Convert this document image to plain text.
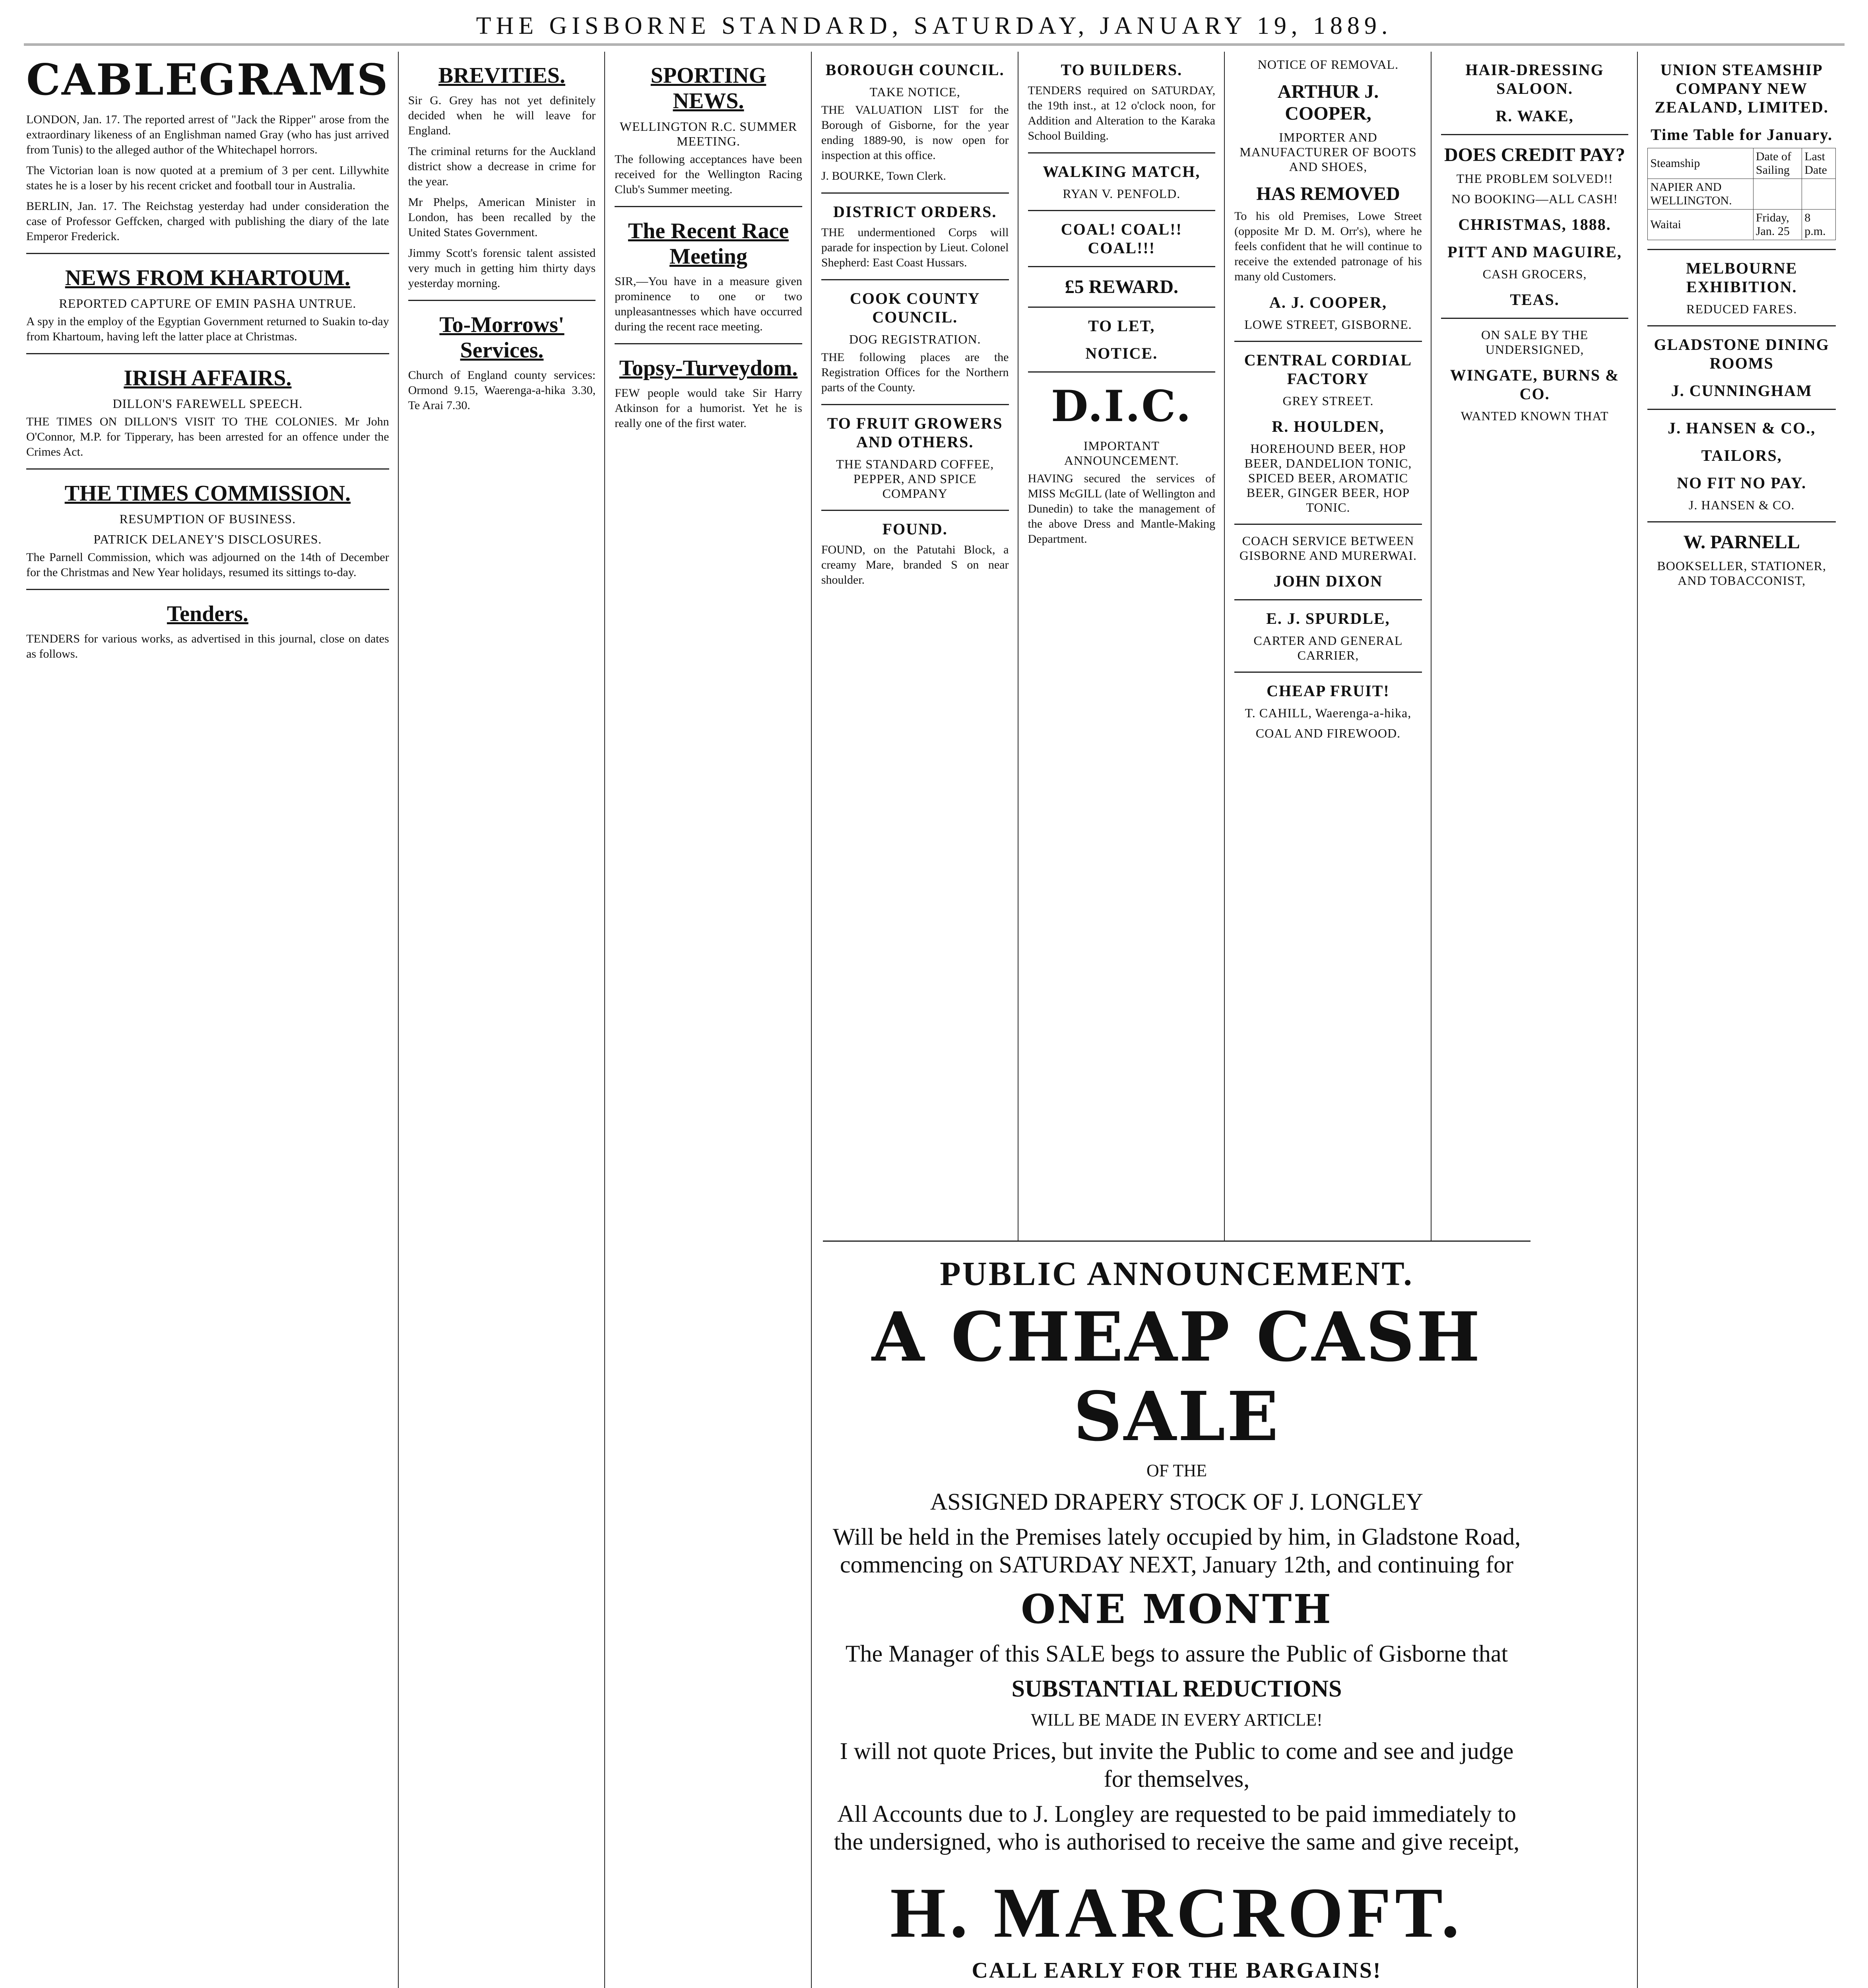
THE GISBORNE STANDARD, SATURDAY, JANUARY 19, 1889.
CABLEGRAMS

LONDON, Jan. 17. The reported arrest of "Jack the Ripper" arose from the extraordinary likeness of an Englishman named Gray (who has just arrived from Tunis) to the alleged author of the Whitechapel horrors.

The Victorian loan is now quoted at a premium of 3 per cent. Lillywhite states he is a loser by his recent cricket and football tour in Australia.

BERLIN, Jan. 17. The Reichstag yesterday had under consideration the case of Professor Geffcken, charged with publishing the diary of the late Emperor Frederick.

NEWS FROM KHARTOUM.
REPORTED CAPTURE OF EMIN PASHA UNTRUE.

A spy in the employ of the Egyptian Government returned to Suakin to-day from Khartoum, having left the latter place at Christmas.

IRISH AFFAIRS.
DILLON'S FAREWELL SPEECH.

THE TIMES ON DILLON'S VISIT TO THE COLONIES. Mr John O'Connor, M.P. for Tipperary, has been arrested for an offence under the Crimes Act.

THE TIMES COMMISSION.
RESUMPTION OF BUSINESS.
PATRICK DELANEY'S DISCLOSURES.

The Parnell Commission, which was adjourned on the 14th of December for the Christmas and New Year holidays, resumed its sittings to-day.

Tenders.

TENDERS for various works, as advertised in this journal, close on dates as follows.

BREVITIES.

Sir G. Grey has not yet definitely decided when he will leave for England.

The criminal returns for the Auckland district show a decrease in crime for the year.

Mr Phelps, American Minister in London, has been recalled by the United States Government.

Jimmy Scott's forensic talent assisted very much in getting him thirty days yesterday morning.

To-Morrows' Services.

Church of England county services: Ormond 9.15, Waerenga-a-hika 3.30, Te Arai 7.30.

SPORTING NEWS.
WELLINGTON R.C. SUMMER MEETING.

The following acceptances have been received for the Wellington Racing Club's Summer meeting.

The Recent Race Meeting

SIR,—You have in a measure given prominence to one or two unpleasantnesses which have occurred during the recent race meeting.

Topsy-Turveydom.

FEW people would take Sir Harry Atkinson for a humorist. Yet he is really one of the first water.

BOROUGH COUNCIL.
TAKE NOTICE,

THE VALUATION LIST for the Borough of Gisborne, for the year ending 1889-90, is now open for inspection at this office.

J. BOURKE, Town Clerk.

DISTRICT ORDERS.

THE undermentioned Corps will parade for inspection by Lieut. Colonel Shepherd: East Coast Hussars.

COOK COUNTY COUNCIL.
DOG REGISTRATION.

THE following places are the Registration Offices for the Northern parts of the County.

TO FRUIT GROWERS AND OTHERS.
THE STANDARD COFFEE, PEPPER, AND SPICE COMPANY
FOUND.

FOUND, on the Patutahi Block, a creamy Mare, branded S on near shoulder.

TO BUILDERS.

TENDERS required on SATURDAY, the 19th inst., at 12 o'clock noon, for Addition and Alteration to the Karaka School Building.

WALKING MATCH,
RYAN V. PENFOLD.
COAL! COAL!! COAL!!!
£5 REWARD.
TO LET,
NOTICE.
D.I.C.
IMPORTANT ANNOUNCEMENT.

HAVING secured the services of MISS McGILL (late of Wellington and Dunedin) to take the management of the above Dress and Mantle-Making Department.

NOTICE OF REMOVAL.
ARTHUR J. COOPER,
IMPORTER AND MANUFACTURER OF BOOTS AND SHOES,
HAS REMOVED

To his old Premises, Lowe Street (opposite Mr D. M. Orr's), where he feels confident that he will continue to receive the extended patronage of his many old Customers.

A. J. COOPER,
LOWE STREET, GISBORNE.
CENTRAL CORDIAL FACTORY
GREY STREET.
R. HOULDEN,
HOREHOUND BEER, HOP BEER, DANDELION TONIC, SPICED BEER, AROMATIC BEER, GINGER BEER, HOP TONIC.
COACH SERVICE BETWEEN GISBORNE AND MURERWAI.
JOHN DIXON
E. J. SPURDLE,
CARTER AND GENERAL CARRIER,
CHEAP FRUIT!
T. CAHILL, Waerenga-a-hika,
COAL AND FIREWOOD.
HAIR-DRESSING SALOON.
R. WAKE,
DOES CREDIT PAY?
THE PROBLEM SOLVED!!
NO BOOKING—ALL CASH!
CHRISTMAS, 1888.
PITT AND MAGUIRE,
CASH GROCERS,
TEAS.
ON SALE BY THE UNDERSIGNED,
WINGATE, BURNS & CO.
WANTED KNOWN THAT
UNION STEAMSHIP COMPANY NEW ZEALAND, LIMITED.
Time Table for January.
Steamship	Date of Sailing	Last Date
NAPIER AND WELLINGTON.		
Waitai	Friday, Jan. 25	8 p.m.
MELBOURNE EXHIBITION.
REDUCED FARES.
GLADSTONE DINING ROOMS
J. CUNNINGHAM
J. HANSEN & CO.,
TAILORS,
NO FIT NO PAY.
J. HANSEN & CO.
W. PARNELL
BOOKSELLER, STATIONER, AND TOBACCONIST,
PUBLIC ANNOUNCEMENT.
A CHEAP CASH SALE
OF THE
ASSIGNED DRAPERY STOCK OF J. LONGLEY
Will be held in the Premises lately occupied by him, in Gladstone Road, commencing on SATURDAY NEXT, January 12th, and continuing for
ONE MONTH
The Manager of this SALE begs to assure the Public of Gisborne that
SUBSTANTIAL REDUCTIONS
WILL BE MADE IN EVERY ARTICLE!
I will not quote Prices, but invite the Public to come and see and judge for themselves,
All Accounts due to J. Longley are requested to be paid immediately to the undersigned, who is authorised to receive the same and give receipt,
H. MARCROFT.
CALL EARLY FOR THE BARGAINS!
